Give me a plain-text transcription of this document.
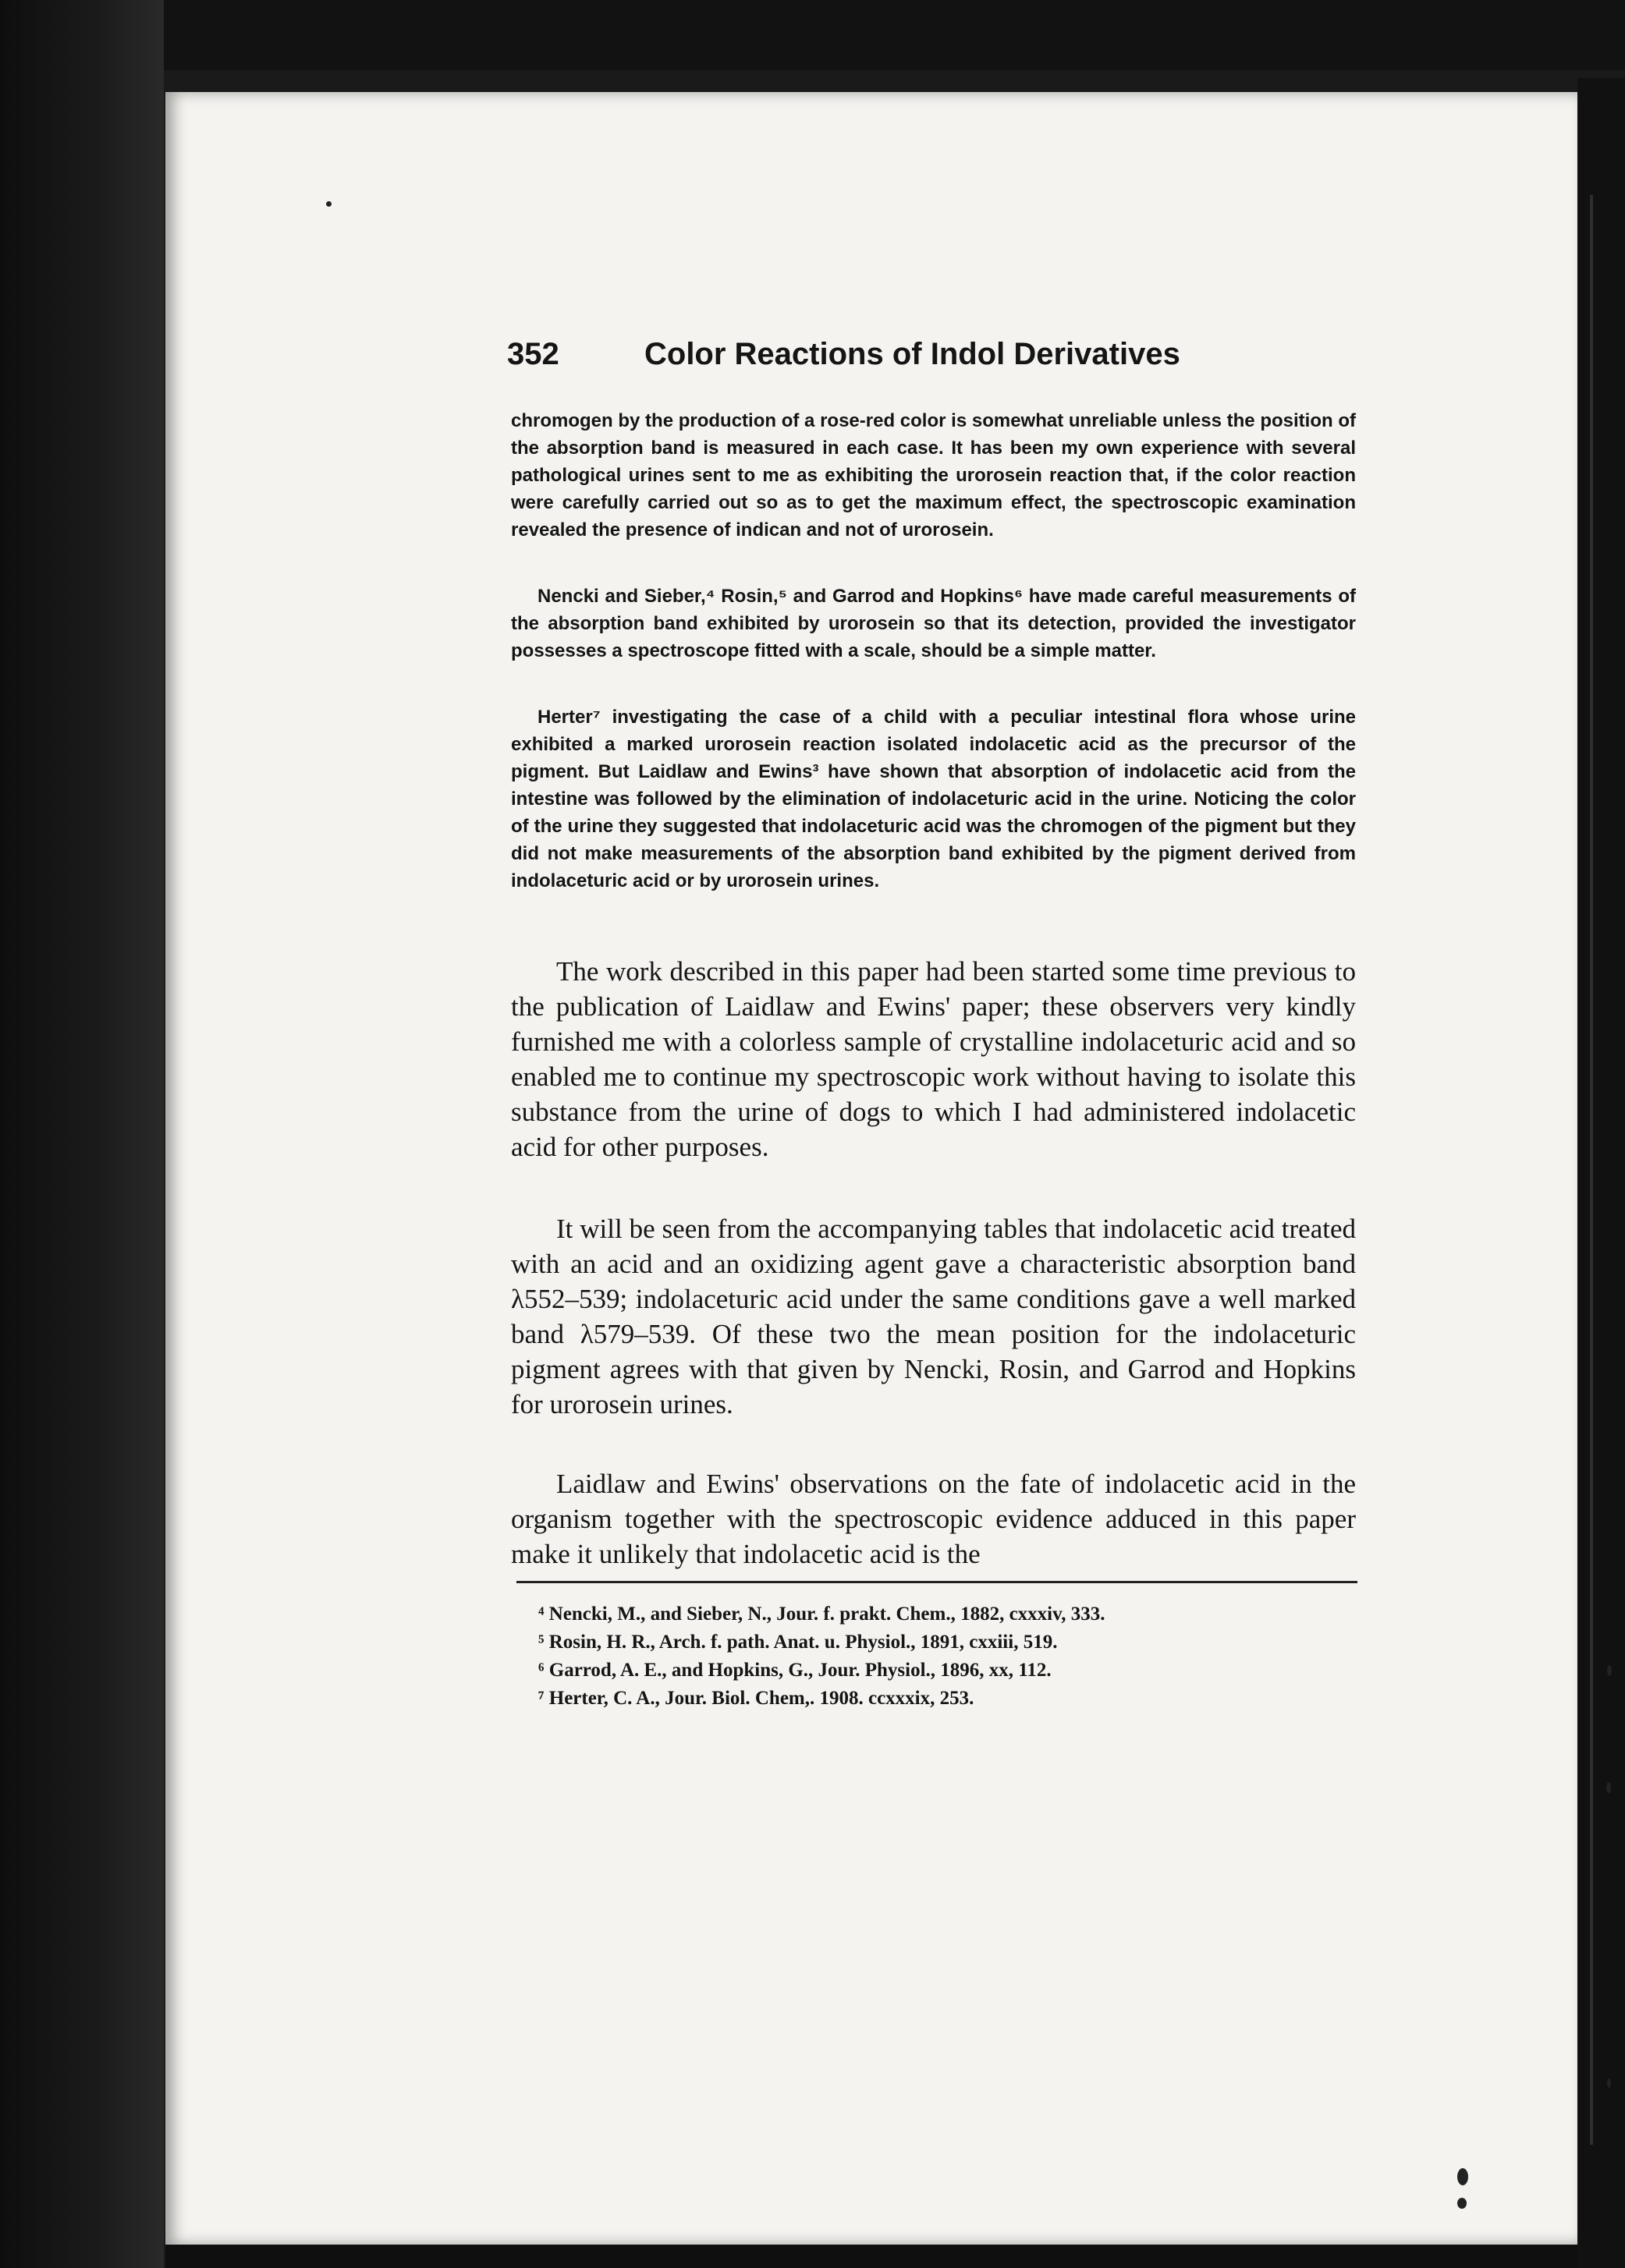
352	Color Reactions of Indol Derivatives

chromogen by the production of a rose-red color is somewhat unreliable unless the position of the absorption band is measured in each case. It has been my own experience with several pathological urines sent to me as exhibiting the urorosein reaction that, if the color reaction were carefully carried out so as to get the maximum effect, the spectroscopic examination revealed the presence of indican and not of urorosein.

Nencki and Sieber,⁴ Rosin,⁵ and Garrod and Hopkins⁶ have made careful measurements of the absorption band exhibited by urorosein so that its detection, provided the investigator possesses a spectroscope fitted with a scale, should be a simple matter.

Herter⁷ investigating the case of a child with a peculiar intestinal flora whose urine exhibited a marked urorosein reaction isolated indolacetic acid as the precursor of the pigment. But Laidlaw and Ewins³ have shown that absorption of indolacetic acid from the intestine was followed by the elimination of indolaceturic acid in the urine. Noticing the color of the urine they suggested that indolaceturic acid was the chromogen of the pigment but they did not make measurements of the absorption band exhibited by the pigment derived from indolaceturic acid or by urorosein urines.

The work described in this paper had been started some time previous to the publication of Laidlaw and Ewins' paper; these observers very kindly furnished me with a colorless sample of crystalline indolaceturic acid and so enabled me to continue my spectroscopic work without having to isolate this substance from the urine of dogs to which I had administered indolacetic acid for other purposes.

It will be seen from the accompanying tables that indolacetic acid treated with an acid and an oxidizing agent gave a characteristic absorption band λ552–539; indolaceturic acid under the same conditions gave a well marked band λ579–539. Of these two the mean position for the indolaceturic pigment agrees with that given by Nencki, Rosin, and Garrod and Hopkins for urorosein urines.

Laidlaw and Ewins' observations on the fate of indolacetic acid in the organism together with the spectroscopic evidence adduced in this paper make it unlikely that indolacetic acid is the

⁴ Nencki, M., and Sieber, N., Jour. f. prakt. Chem., 1882, cxxxiv, 333.
⁵ Rosin, H. R., Arch. f. path. Anat. u. Physiol., 1891, cxxiii, 519.
⁶ Garrod, A. E., and Hopkins, G., Jour. Physiol., 1896, xx, 112.
⁷ Herter, C. A., Jour. Biol. Chem,. 1908. ccxxxix, 253.
